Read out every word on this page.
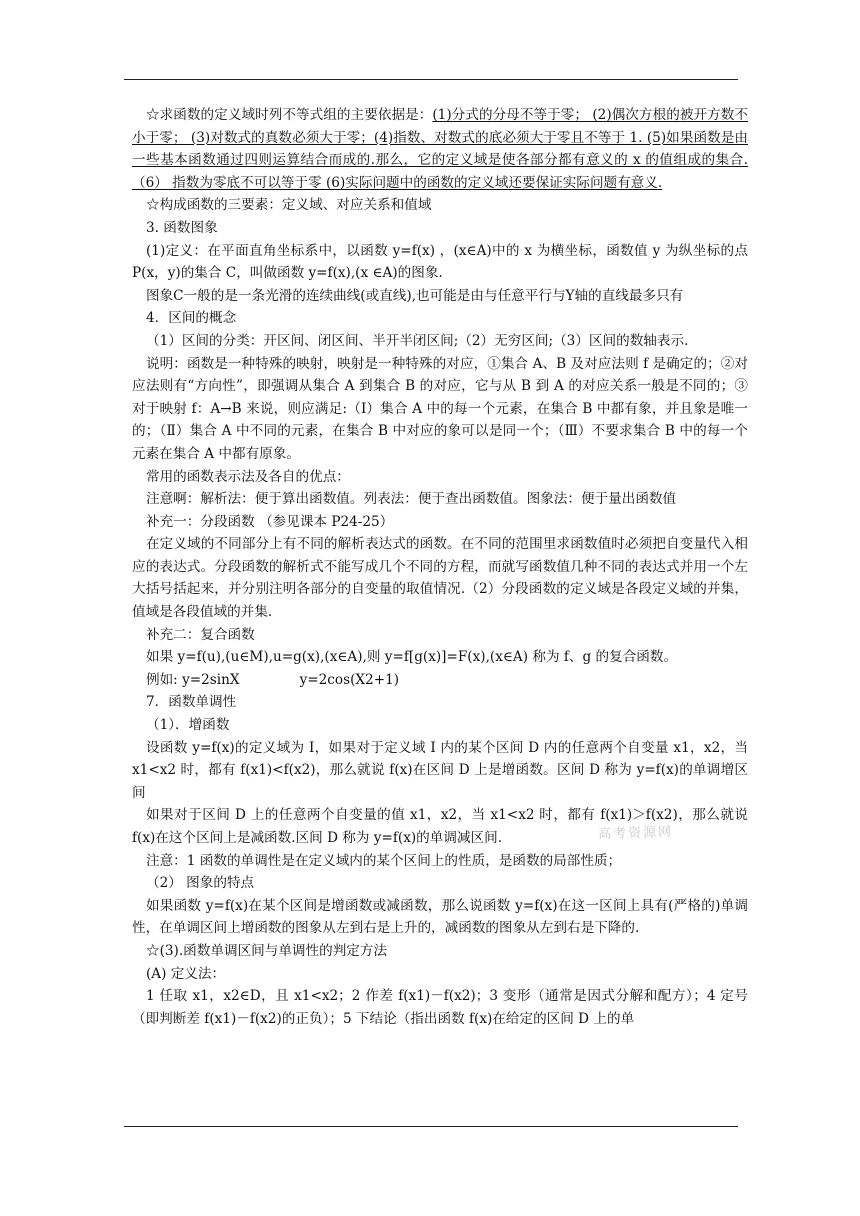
☆求函数的定义域时列不等式组的主要依据是：(1)分式的分母不等于零； (2)偶次方根的被开方数不小于零； (3)对数式的真数必须大于零；(4)指数、对数式的底必须大于零且不等于 1. (5)如果函数是由一些基本函数通过四则运算结合而成的.那么，它的定义域是使各部分都有意义的 x 的值组成的集合.（6） 指数为零底不可以等于零 (6)实际问题中的函数的定义域还要保证实际问题有意义.

☆构成函数的三要素：定义域、对应关系和值域

3. 函数图象

(1)定义：在平面直角坐标系中，以函数 y=f(x) ，(x∈A)中的 x 为横坐标，函数值 y 为纵坐标的点 P(x，y)的集合 C，叫做函数 y=f(x),(x ∈A)的图象.

图象C一般的是一条光滑的连续曲线(或直线),也可能是由与任意平行与Y轴的直线最多只有

4．区间的概念

（1）区间的分类：开区间、闭区间、半开半闭区间;（2）无穷区间;（3）区间的数轴表示.

说明：函数是一种特殊的映射，映射是一种特殊的对应，①集合 A、B 及对应法则 f 是确定的；②对应法则有“方向性”，即强调从集合 A 到集合 B 的对应，它与从 B 到 A 的对应关系一般是不同的；③对于映射 f：A→B 来说，则应满足:（Ⅰ）集合 A 中的每一个元素，在集合 B 中都有象，并且象是唯一的；（Ⅱ）集合 A 中不同的元素，在集合 B 中对应的象可以是同一个；（Ⅲ）不要求集合 B 中的每一个元素在集合 A 中都有原象。

常用的函数表示法及各自的优点：

注意啊：解析法：便于算出函数值。列表法：便于查出函数值。图象法：便于量出函数值

补充一：分段函数 （参见课本 P24-25）

在定义域的不同部分上有不同的解析表达式的函数。在不同的范围里求函数值时必须把自变量代入相应的表达式。分段函数的解析式不能写成几个不同的方程，而就写函数值几种不同的表达式并用一个左大括号括起来，并分别注明各部分的自变量的取值情况.（2）分段函数的定义域是各段定义域的并集，值域是各段值域的并集.

补充二：复合函数

如果 y=f(u),(u∈M),u=g(x),(x∈A),则 y=f[g(x)]=F(x),(x∈A) 称为 f、g 的复合函数。

例如: y=2sinX	y=2cos(X2+1)

7．函数单调性

（1）．增函数

设函数 y=f(x)的定义域为 I，如果对于定义域 I 内的某个区间 D 内的任意两个自变量 x1，x2，当 x1<x2 时，都有 f(x1)<f(x2)，那么就说 f(x)在区间 D 上是增函数。区间 D 称为 y=f(x)的单调增区间

如果对于区间 D 上的任意两个自变量的值 x1，x2，当 x1<x2 时，都有 f(x1)＞f(x2)，那么就说 f(x)在这个区间上是减函数.区间 D 称为 y=f(x)的单调减区间.

注意：1 函数的单调性是在定义域内的某个区间上的性质，是函数的局部性质；

（2） 图象的特点

如果函数 y=f(x)在某个区间是增函数或减函数，那么说函数 y=f(x)在这一区间上具有(严格的)单调性，在单调区间上增函数的图象从左到右是上升的，减函数的图象从左到右是下降的.

☆(3).函数单调区间与单调性的判定方法

(A) 定义法：

1 任取 x1，x2∈D，且 x1<x2；2 作差 f(x1)－f(x2)；3 变形（通常是因式分解和配方）；4 定号（即判断差 f(x1)－f(x2)的正负）；5 下结论（指出函数 f(x)在给定的区间 D 上的单

高考资源网
